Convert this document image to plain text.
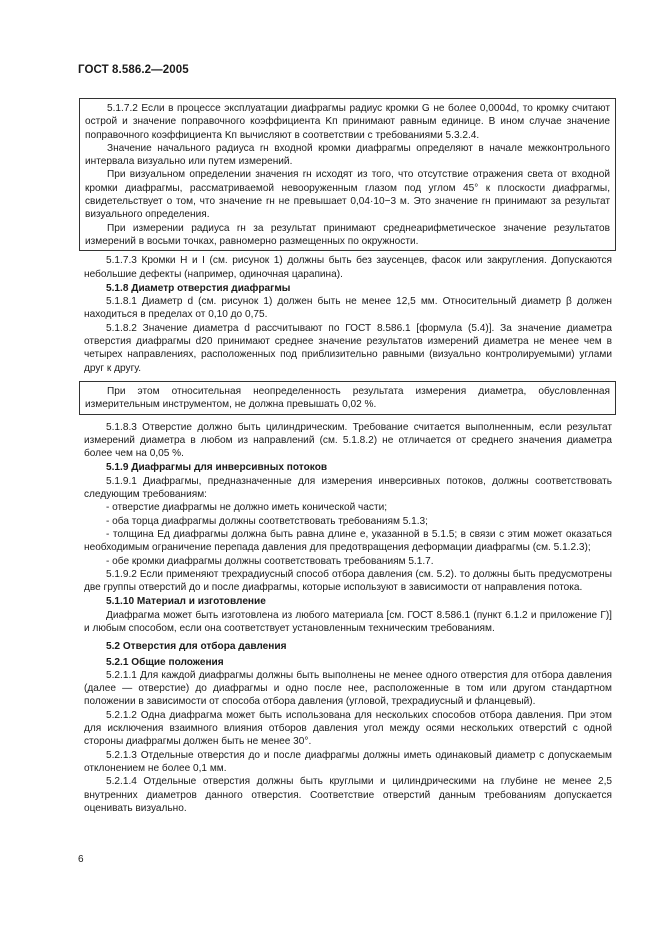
ГОСТ 8.586.2—2005

5.1.7.2 Если в процессе эксплуатации диафрагмы радиус кромки G не более 0,0004d, то кромку считают острой и значение поправочного коэффициента Kп принимают равным единице. В ином случае значение поправочного коэффициента Kп вычисляют в соответствии с требованиями 5.3.2.4.

Значение начального радиуса rн входной кромки диафрагмы определяют в начале межконтрольного интервала визуально или путем измерений.

При визуальном определении значения rн исходят из того, что отсутствие отражения света от входной кромки диафрагмы, рассматриваемой невооруженным глазом под углом 45° к плоскости диафрагмы, свидетельствует о том, что значение rн не превышает 0,04·10−3 м. Это значение rн принимают за результат визуального определения.

При измерении радиуса rн за результат принимают среднеарифметическое значение результатов измерений в восьми точках, равномерно размещенных по окружности.

5.1.7.3 Кромки H и I (см. рисунок 1) должны быть без заусенцев, фасок или закругления. Допускаются небольшие дефекты (например, одиночная царапина).

5.1.8 Диаметр отверстия диафрагмы

5.1.8.1 Диаметр d (см. рисунок 1) должен быть не менее 12,5 мм. Относительный диаметр β должен находиться в пределах от 0,10 до 0,75.

5.1.8.2 Значение диаметра d рассчитывают по ГОСТ 8.586.1 [формула (5.4)]. За значение диаметра отверстия диафрагмы d20 принимают среднее значение результатов измерений диаметра не менее чем в четырех направлениях, расположенных под приблизительно равными (визуально контролируемыми) углами друг к другу.

При этом относительная неопределенность результата измерения диаметра, обусловленная измерительным инструментом, не должна превышать 0,02 %.

5.1.8.3 Отверстие должно быть цилиндрическим. Требование считается выполненным, если результат измерений диаметра в любом из направлений (см. 5.1.8.2) не отличается от среднего значения диаметра более чем на 0,05 %.

5.1.9 Диафрагмы для инверсивных потоков

5.1.9.1 Диафрагмы, предназначенные для измерения инверсивных потоков, должны соответствовать следующим требованиям:

- отверстие диафрагмы не должно иметь конической части;

- оба торца диафрагмы должны соответствовать требованиям 5.1.3;

- толщина Eд диафрагмы должна быть равна длине e, указанной в 5.1.5; в связи с этим может оказаться необходимым ограничение перепада давления для предотвращения деформации диафрагмы (см. 5.1.2.3);

- обе кромки диафрагмы должны соответствовать требованиям 5.1.7.

5.1.9.2 Если применяют трехрадиусный способ отбора давления (см. 5.2). то должны быть предусмотрены две группы отверстий до и после диафрагмы, которые используют в зависимости от направления потока.

5.1.10 Материал и изготовление

Диафрагма может быть изготовлена из любого материала [см. ГОСТ 8.586.1 (пункт 6.1.2 и приложение Г)] и любым способом, если она соответствует установленным техническим требованиям.

5.2 Отверстия для отбора давления

5.2.1 Общие положения

5.2.1.1 Для каждой диафрагмы должны быть выполнены не менее одного отверстия для отбора давления (далее — отверстие) до диафрагмы и одно после нее, расположенные в том или другом стандартном положении в зависимости от способа отбора давления (угловой, трехрадиусный и фланцевый).

5.2.1.2 Одна диафрагма может быть использована для нескольких способов отбора давления. При этом для исключения взаимного влияния отборов давления угол между осями нескольких отверстий с одной стороны диафрагмы должен быть не менее 30°.

5.2.1.3 Отдельные отверстия до и после диафрагмы должны иметь одинаковый диаметр с допускаемым отклонением не более 0,1 мм.

5.2.1.4 Отдельные отверстия должны быть круглыми и цилиндрическими на глубине не менее 2,5 внутренних диаметров данного отверстия. Соответствие отверстий данным требованиям допускается оценивать визуально.

6
